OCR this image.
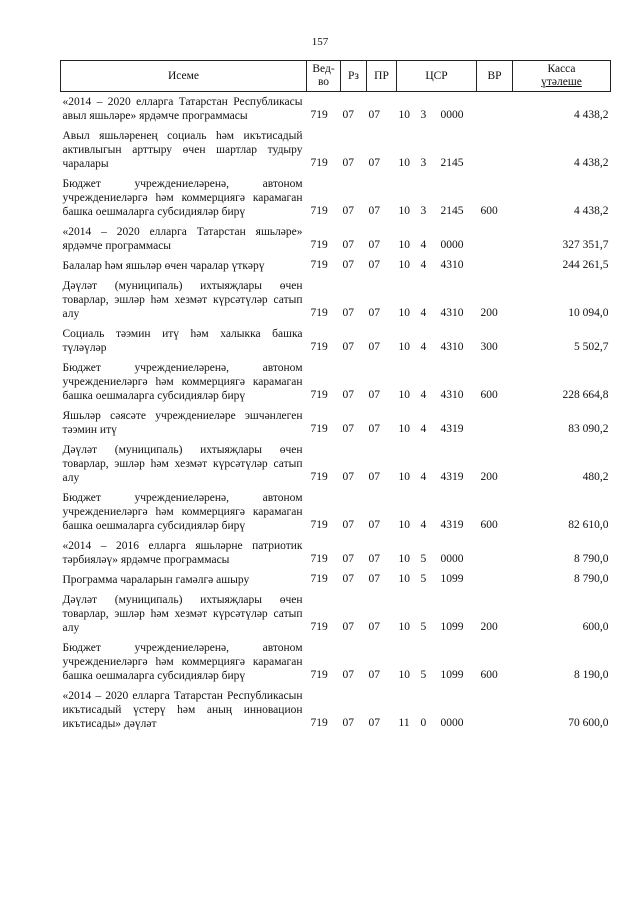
157
Исеме	Вед-
во	Рз	ПР	ЦСР			ВР	Касса
үтәлеше

«2014 – 2020 елларга Татарстан Республикасы авыл яшьләре» ярдәмче программасы	719	07	07	10	3	0000		4 438,2
Авыл яшьләренең социаль һәм икътисадый активлыгын арттыру өчен шартлар тудыру чаралары	719	07	07	10	3	2145		4 438,2
Бюджет учреждениеләренә, автоном учреждениеләргә һәм коммерциягә карамаган башка оешмаларга субсидияләр бирү	719	07	07	10	3	2145	600	4 438,2
«2014 – 2020 елларга Татарстан яшьләре» ярдәмче программасы	719	07	07	10	4	0000		327 351,7
Балалар һәм яшьләр өчен чаралар үткәрү	719	07	07	10	4	4310		244 261,5
Дәүләт (муниципаль) ихтыяҗлары өчен товарлар, эшләр һәм хезмәт күрсәтүләр сатып алу	719	07	07	10	4	4310	200	10 094,0
Социаль тәэмин итү һәм халыкка башка түләүләр	719	07	07	10	4	4310	300	5 502,7
Бюджет учреждениеләренә, автоном учреждениеләргә һәм коммерциягә карамаган башка оешмаларга субсидияләр бирү	719	07	07	10	4	4310	600	228 664,8
Яшьләр сәясәте учреждениеләре эшчәнлеген тәэмин итү	719	07	07	10	4	4319		83 090,2
Дәүләт (муниципаль) ихтыяҗлары өчен товарлар, эшләр һәм хезмәт күрсәтүләр сатып алу	719	07	07	10	4	4319	200	480,2
Бюджет учреждениеләренә, автоном учреждениеләргә һәм коммерциягә карамаган башка оешмаларга субсидияләр бирү	719	07	07	10	4	4319	600	82 610,0
«2014 – 2016 елларга яшьләрне патриотик тәрбияләү» ярдәмче программасы	719	07	07	10	5	0000		8 790,0
Программа чараларын гамәлгә ашыру	719	07	07	10	5	1099		8 790,0
Дәүләт (муниципаль) ихтыяҗлары өчен товарлар, эшләр һәм хезмәт күрсәтүләр сатып алу	719	07	07	10	5	1099	200	600,0
Бюджет учреждениеләренә, автоном учреждениеләргә һәм коммерциягә карамаган башка оешмаларга субсидияләр бирү	719	07	07	10	5	1099	600	8 190,0
«2014 – 2020 елларга Татарстан Республикасын икътисадый үстерү һәм аның инновацион икътисады» дәүләт	719	07	07	11	0	0000		70 600,0
